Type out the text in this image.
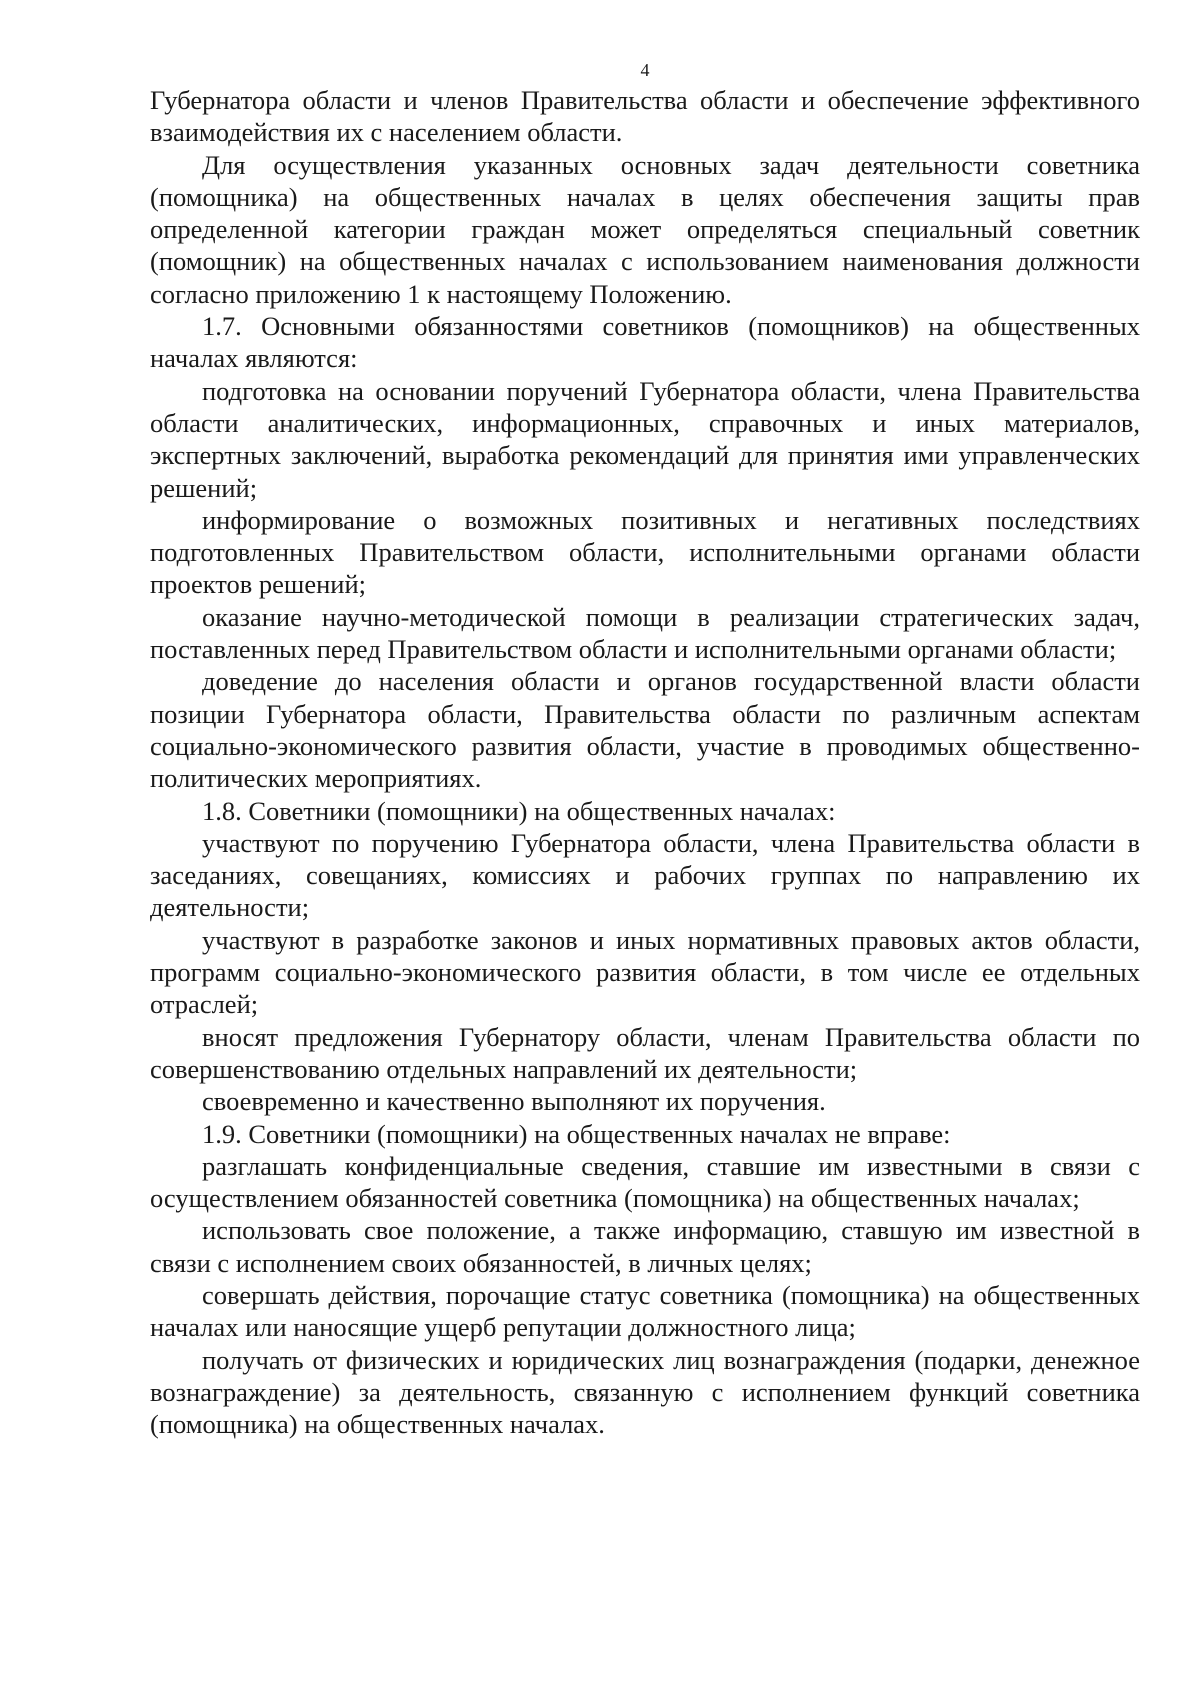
4

Губернатора области и членов Правительства области и обеспечение эффективного взаимодействия их с населением области.

Для осуществления указанных основных задач деятельности советника (помощника) на общественных началах в целях обеспечения защиты прав определенной категории граждан может определяться специальный советник (помощник) на общественных началах с использованием наименования должности согласно приложению 1 к настоящему Положению.

1.7. Основными обязанностями советников (помощников) на общественных началах являются:

подготовка на основании поручений Губернатора области, члена Правительства области аналитических, информационных, справочных и иных материалов, экспертных заключений, выработка рекомендаций для принятия ими управленческих решений;

информирование о возможных позитивных и негативных последствиях подготовленных Правительством области, исполнительными органами области проектов решений;

оказание научно-методической помощи в реализации стратегических задач, поставленных перед Правительством области и исполнительными органами области;

доведение до населения области и органов государственной власти области позиции Губернатора области, Правительства области по различным аспектам социально-экономического развития области, участие в проводимых общественно-политических мероприятиях.

1.8. Советники (помощники) на общественных началах:

участвуют по поручению Губернатора области, члена Правительства области в заседаниях, совещаниях, комиссиях и рабочих группах по направлению их деятельности;

участвуют в разработке законов и иных нормативных правовых актов области, программ социально-экономического развития области, в том числе ее отдельных отраслей;

вносят предложения Губернатору области, членам Правительства области по совершенствованию отдельных направлений их деятельности;

своевременно и качественно выполняют их поручения.

1.9. Советники (помощники) на общественных началах не вправе:

разглашать конфиденциальные сведения, ставшие им известными в связи с осуществлением обязанностей советника (помощника) на общественных началах;

использовать свое положение, а также информацию, ставшую им известной в связи с исполнением своих обязанностей, в личных целях;

совершать действия, порочащие статус советника (помощника) на общественных началах или наносящие ущерб репутации должностного лица;

получать от физических и юридических лиц вознаграждения (подарки, денежное вознаграждение) за деятельность, связанную с исполнением функций советника (помощника) на общественных началах.
